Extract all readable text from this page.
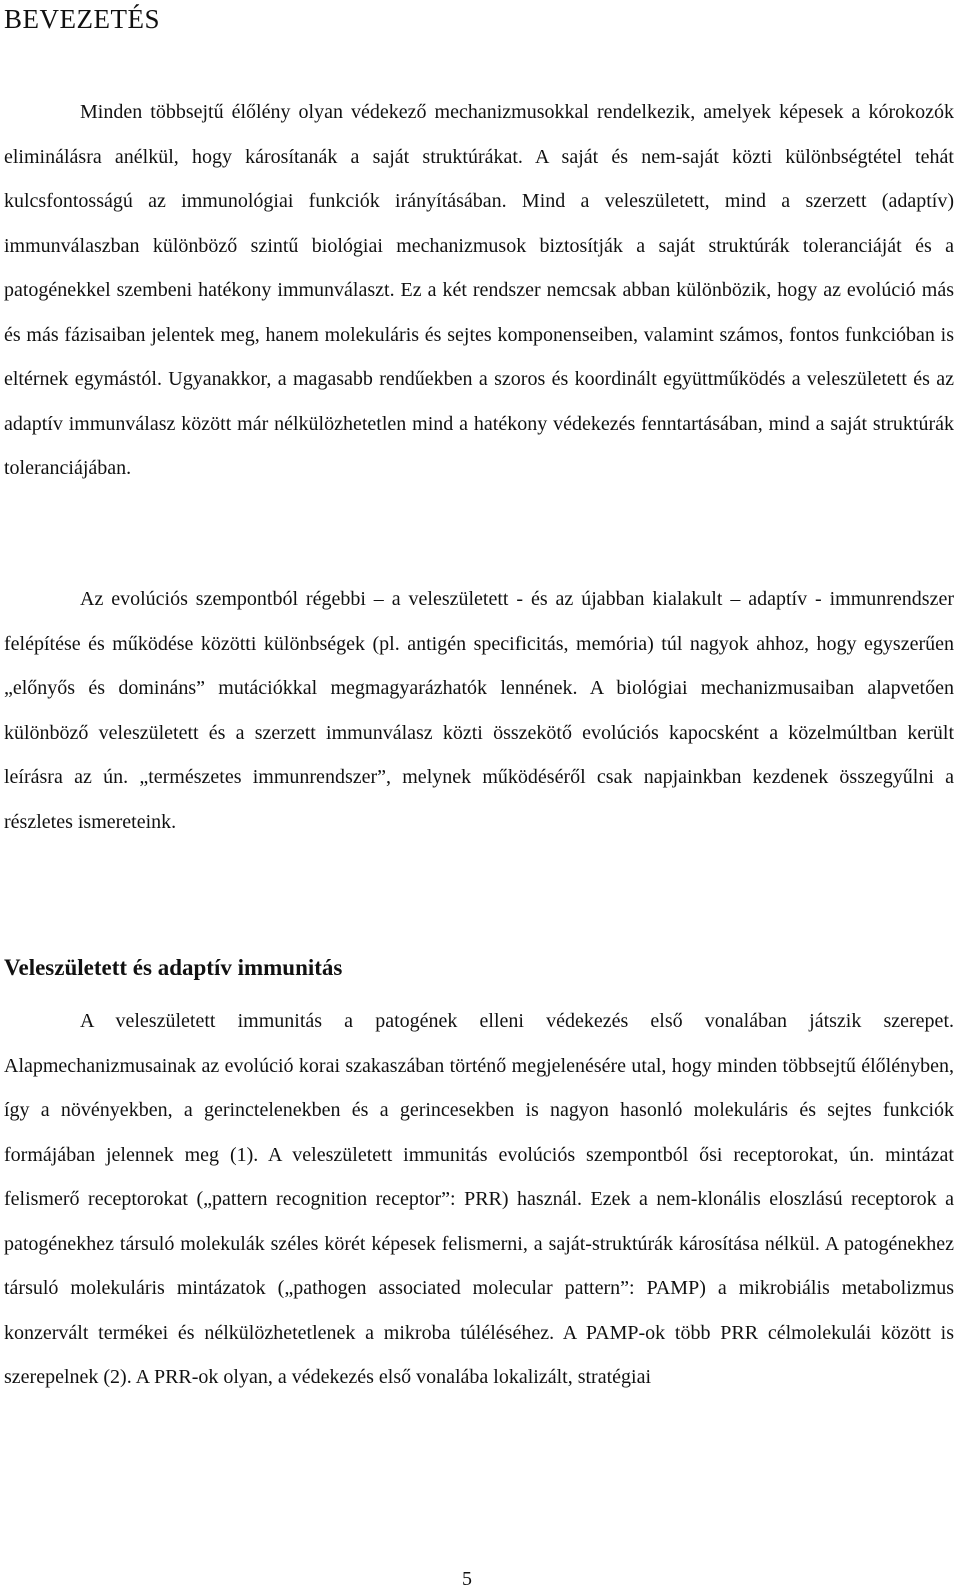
BEVEZETÉS

Minden többsejtű élőlény olyan védekező mechanizmusokkal rendelkezik, amelyek képesek a kórokozók eliminálásra anélkül, hogy károsítanák a saját struktúrákat. A saját és nem-saját közti különbségtétel tehát kulcsfontosságú az immunológiai funkciók irányításában. Mind a veleszületett, mind a szerzett (adaptív) immunválaszban különböző szintű biológiai mechanizmusok biztosítják a saját struktúrák toleranciáját és a patogénekkel szembeni hatékony immunválaszt. Ez a két rendszer nemcsak abban különbözik, hogy az evolúció más és más fázisaiban jelentek meg, hanem molekuláris és sejtes komponenseiben, valamint számos, fontos funkcióban is eltérnek egymástól. Ugyanakkor, a magasabb rendűekben a szoros és koordinált együttműködés a veleszületett és az adaptív immunválasz között már nélkülözhetetlen mind a hatékony védekezés fenntartásában, mind a saját struktúrák toleranciájában.

Az evolúciós szempontból régebbi – a veleszületett - és az újabban kialakult – adaptív - immunrendszer felépítése és működése közötti különbségek (pl. antigén specificitás, memória) túl nagyok ahhoz, hogy egyszerűen „előnyős és domináns” mutációkkal megmagyarázhatók lennének. A biológiai mechanizmusaiban alapvetően különböző veleszületett és a szerzett immunválasz közti összekötő evolúciós kapocsként a közelmúltban került leírásra az ún. „természetes immunrendszer”, melynek működéséről csak napjainkban kezdenek összegyűlni a részletes ismereteink.

Veleszületett és adaptív immunitás

A veleszületett immunitás a patogének elleni védekezés első vonalában játszik szerepet. Alapmechanizmusainak az evolúció korai szakaszában történő megjelenésére utal, hogy minden többsejtű élőlényben, így a növényekben, a gerinctelenekben és a gerincesekben is nagyon hasonló molekuláris és sejtes funkciók formájában jelennek meg (1). A veleszületett immunitás evolúciós szempontból ősi receptorokat, ún. mintázat felismerő receptorokat („pattern recognition receptor”: PRR) használ. Ezek a nem-klonális eloszlású receptorok a patogénekhez társuló molekulák széles körét képesek felismerni, a saját-struktúrák károsítása nélkül. A patogénekhez társuló molekuláris mintázatok („pathogen associated molecular pattern”: PAMP) a mikrobiális metabolizmus konzervált termékei és nélkülözhetetlenek a mikroba túléléséhez. A PAMP-ok több PRR célmolekulái között is szerepelnek (2). A PRR-ok olyan, a védekezés első vonalába lokalizált, stratégiai

5
